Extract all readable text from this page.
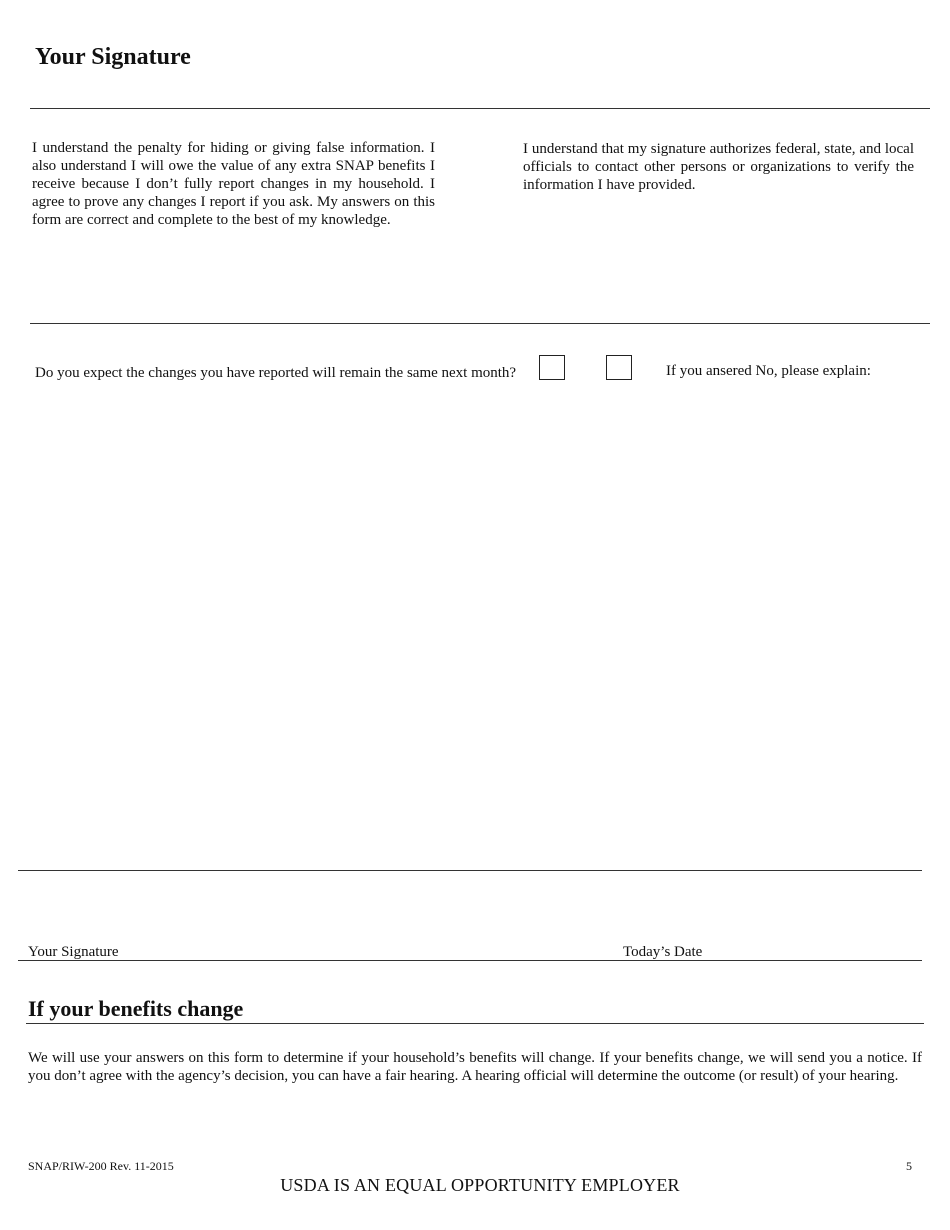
Your Signature
I understand the penalty for hiding or giving false information. I also understand I will owe the value of any extra SNAP benefits I receive because I don’t fully report changes in my household. I agree to prove any changes I report if you ask. My answers on this form are correct and complete to the best of my knowledge.
I understand that my signature authorizes federal, state, and local officials to contact other persons or organizations to verify the information I have provided.
Do you expect the changes you have reported will remain the same next month?	If you ansered No, please explain:
Your Signature	Today’s Date
If your benefits change
We will use your answers on this form to determine if your household’s benefits will change. If your benefits change, we will send you a notice. If you don’t agree with the agency’s decision, you can have a fair hearing. A hearing official will determine the outcome (or result) of your hearing.
SNAP/RIW-200 Rev. 11-2015	5
USDA IS AN EQUAL OPPORTUNITY EMPLOYER
